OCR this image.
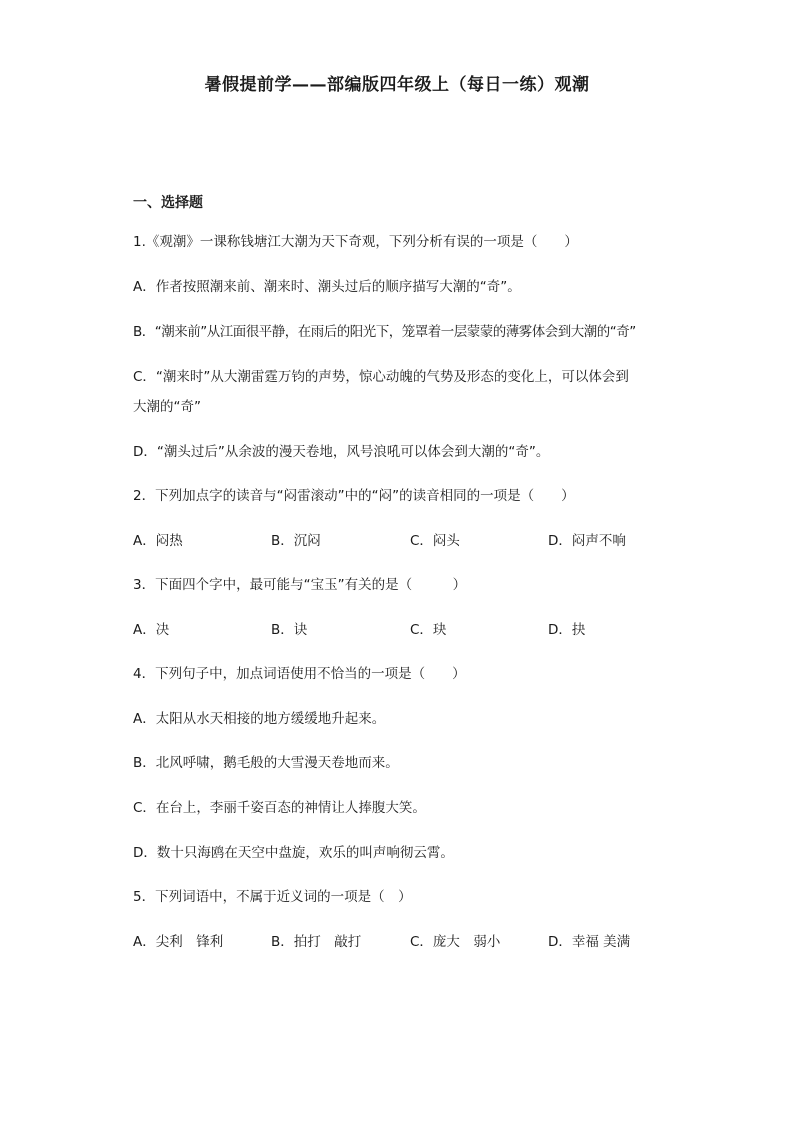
暑假提前学——部编版四年级上（每日一练）观潮
一、选择题
1.《观潮》一课称钱塘江大潮为天下奇观，下列分析有误的一项是（　　）
A．作者按照潮来前、潮来时、潮头过后的顺序描写大潮的“奇”。
B．“潮来前”从江面很平静，在雨后的阳光下，笼罩着一层蒙蒙的薄雾体会到大潮的“奇”
C．“潮来时”从大潮雷霆万钧的声势，惊心动魄的气势及形态的变化上，可以体会到
大潮的“奇”
D．“潮头过后”从余波的漫天卷地，风号浪吼可以体会到大潮的“奇”。
2．下列加点字的读音与“闷雷滚动”中的“闷”的读音相同的一项是（　　）
A．闷热	B．沉闷	C．闷头	D．闷声不响
3．下面四个字中，最可能与“宝玉”有关的是（　　　）
A．决	B．诀	C．玦	D．抉
4．下列句子中，加点词语使用不恰当的一项是（　　）
A．太阳从水天相接的地方缓缓地升起来。
B．北风呼啸，鹅毛般的大雪漫天卷地而来。
C．在台上，李丽千姿百态的神情让人捧腹大笑。
D．数十只海鸥在天空中盘旋，欢乐的叫声响彻云霄。
5．下列词语中，不属于近义词的一项是（　）
A．尖利　锋利	B．拍打　敲打	C．庞大　弱小	D．幸福 美满
